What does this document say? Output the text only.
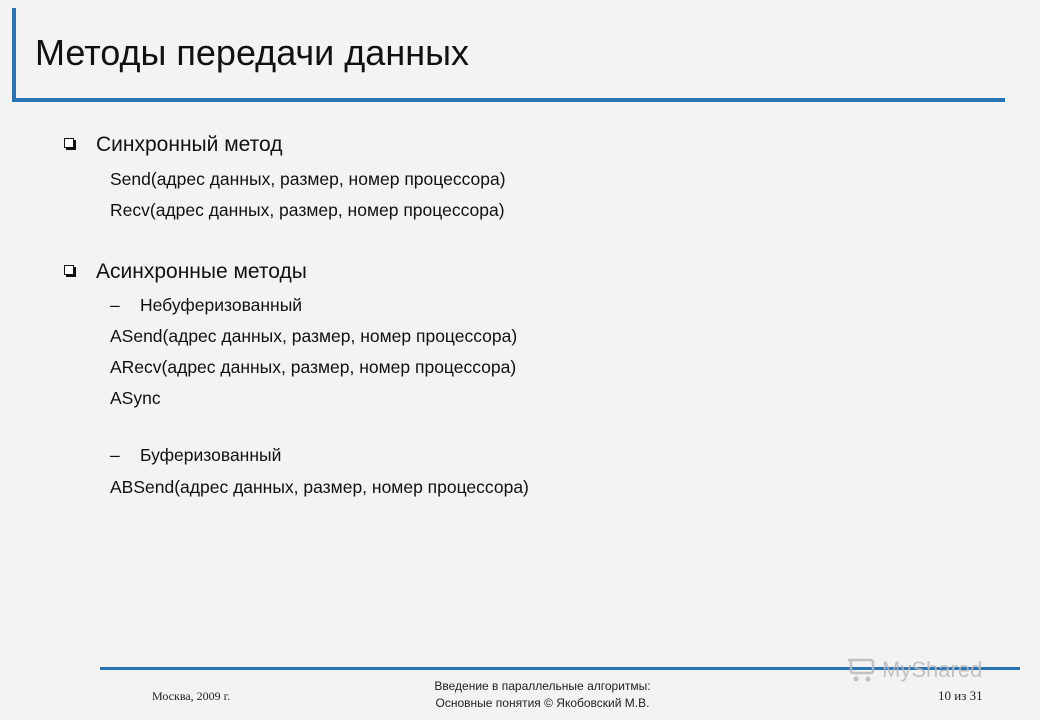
Методы передачи данных
Синхронный метод
Send(адрес данных, размер, номер процессора)
Recv(адрес данных, размер, номер процессора)
Асинхронные методы
– Небуферизованный
ASend(адрес данных, размер, номер процессора)
ARecv(адрес данных, размер, номер процессора)
ASync
– Буферизованный
ABSend(адрес данных, размер, номер процессора)
Москва, 2009 г.
Введение в параллельные алгоритмы:
Основные понятия © Якобовский М.В.	10 из 31
MyShared
